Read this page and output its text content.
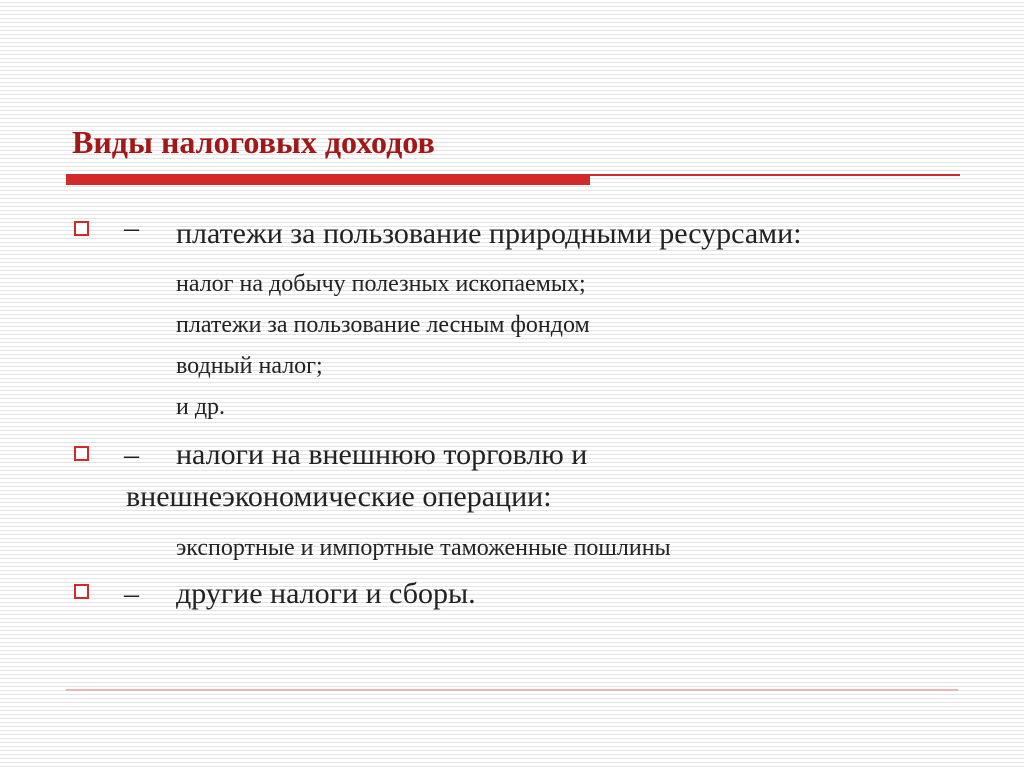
Виды налоговых доходов
– платежи за пользование природными ресурсами:
налог на добычу полезных ископаемых;
платежи за пользование лесным фондом
водный налог;
и др.
– налоги на внешнюю торговлю и
внешнеэкономические операции:
экспортные и импортные таможенные пошлины
– другие налоги и сборы.
